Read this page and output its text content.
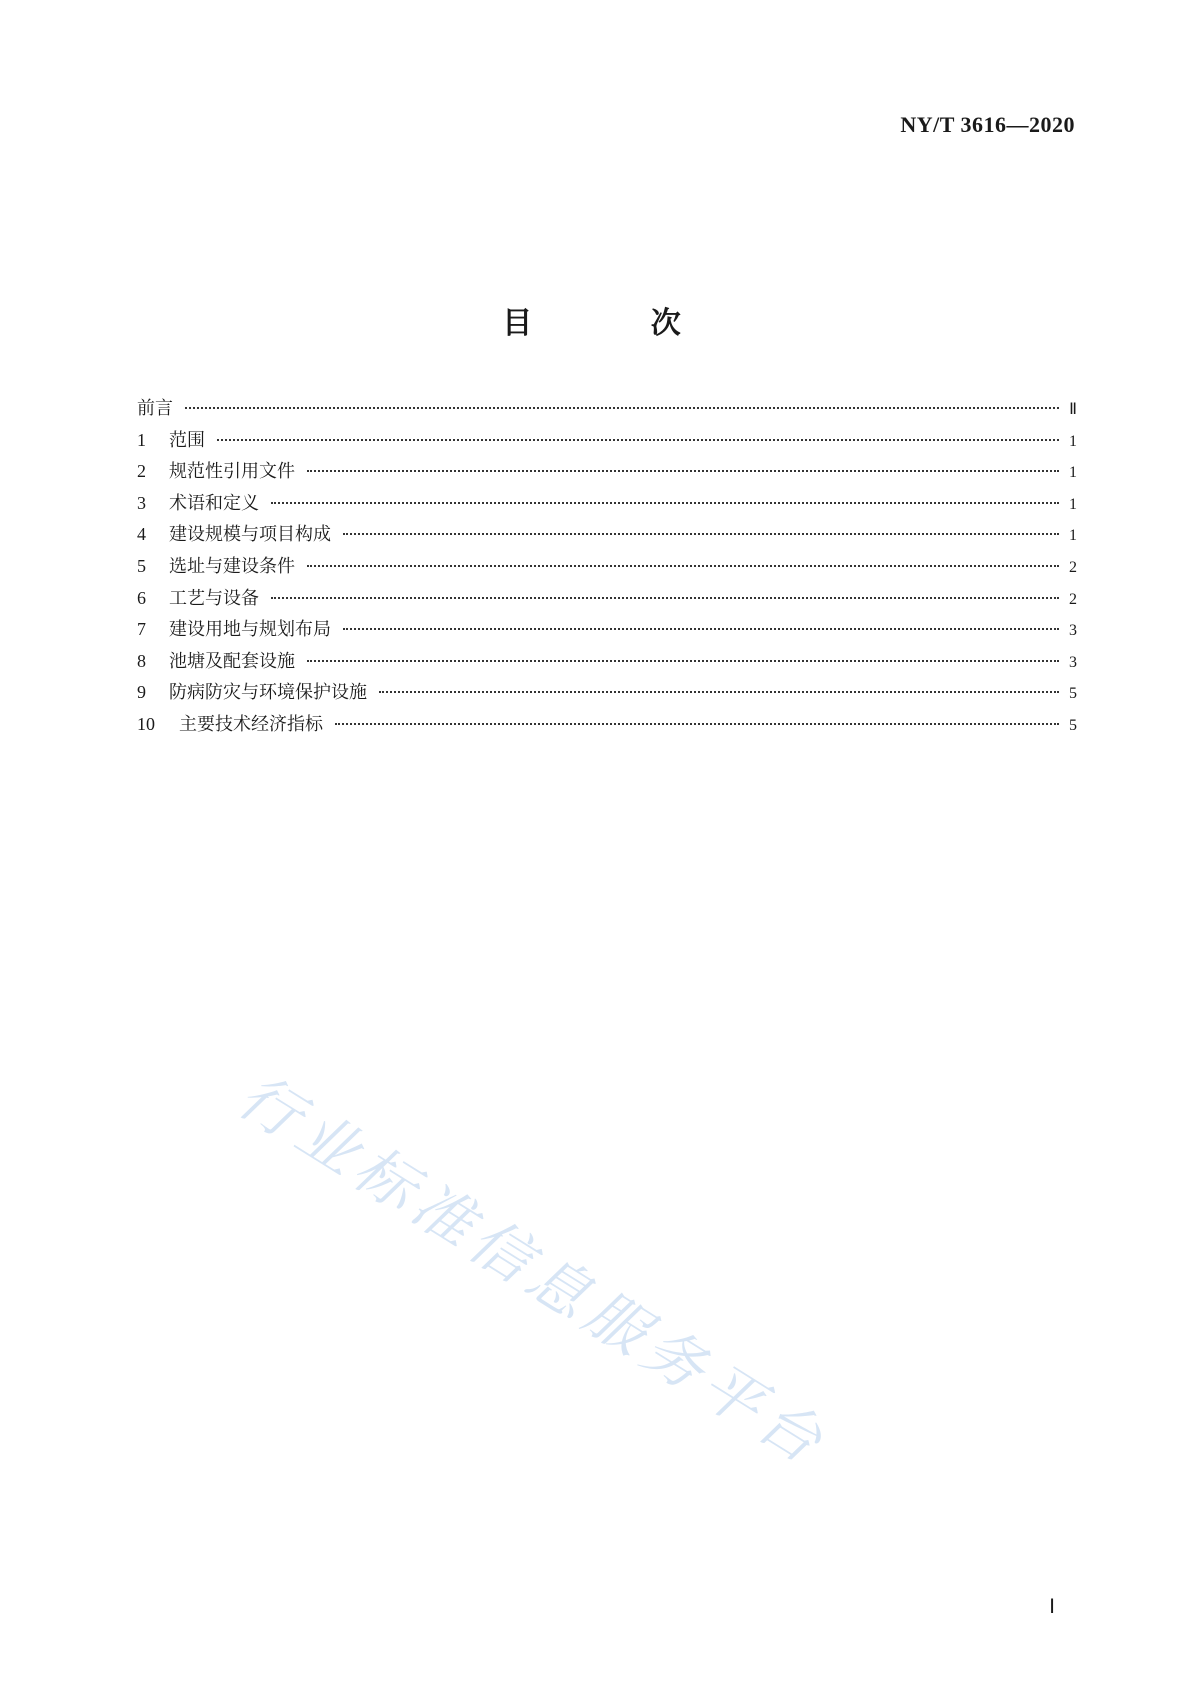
NY/T 3616—2020
目 次
前言	Ⅱ
1	范围	1
2	规范性引用文件	1
3	术语和定义	1
4	建设规模与项目构成	1
5	选址与建设条件	2
6	工艺与设备	2
7	建设用地与规划布局	3
8	池塘及配套设施	3
9	防病防灾与环境保护设施	5
10	主要技术经济指标	5
行业标准信息服务平台
Ⅰ
